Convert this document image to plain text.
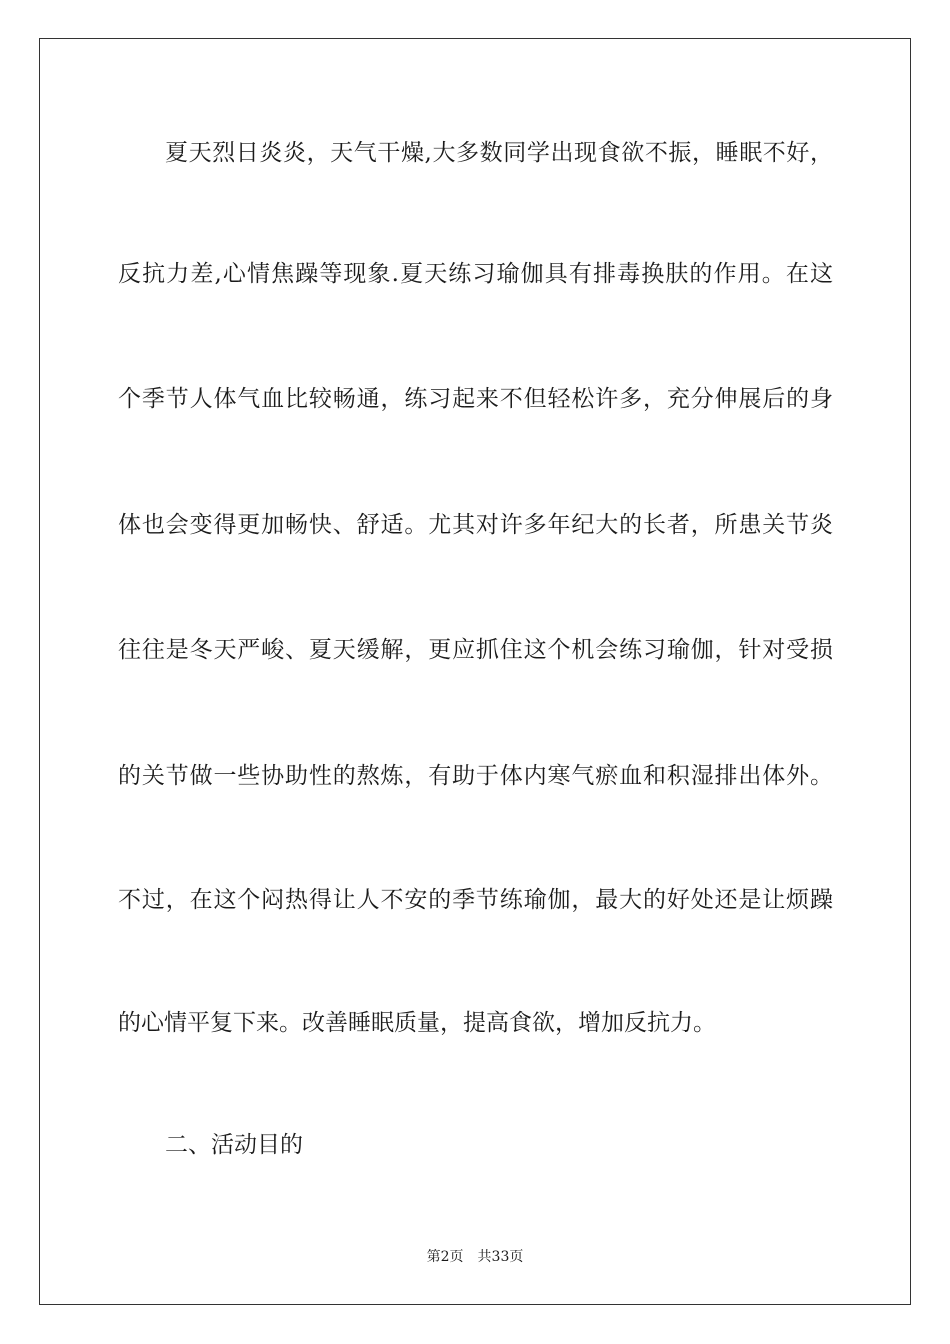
夏天烈日炎炎，天气干燥,大多数同学出现食欲不振，睡眠不好，
反抗力差,心情焦躁等现象.夏天练习瑜伽具有排毒换肤的作用。在这
个季节人体气血比较畅通，练习起来不但轻松许多，充分伸展后的身
体也会变得更加畅快、舒适。尤其对许多年纪大的长者，所患关节炎
往往是冬天严峻、夏天缓解，更应抓住这个机会练习瑜伽，针对受损
的关节做一些协助性的熬炼，有助于体内寒气瘀血和积湿排出体外。
不过，在这个闷热得让人不安的季节练瑜伽，最大的好处还是让烦躁
的心情平复下来。改善睡眠质量，提高食欲，增加反抗力。
二、活动目的
第2页 共33页
